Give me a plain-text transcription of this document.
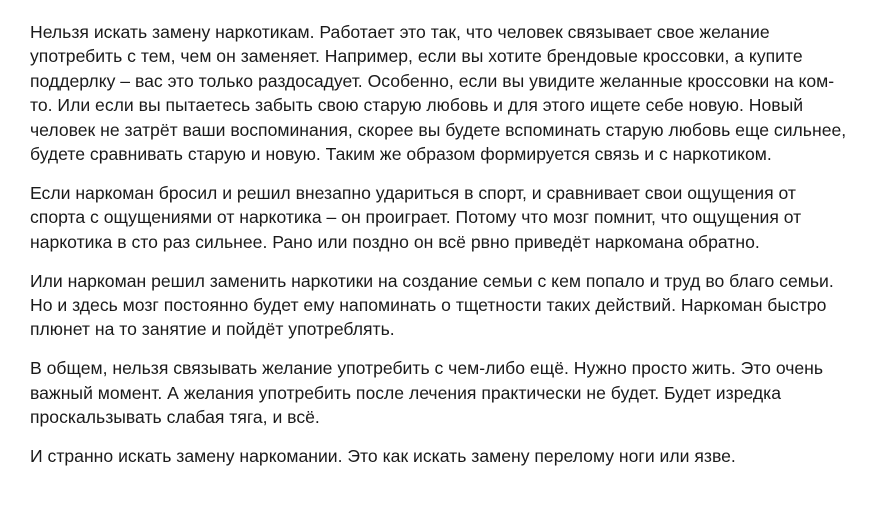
Нельзя искать замену наркотикам. Работает это так, что человек связывает свое желание
употребить с тем, чем он заменяет. Например, если вы хотите брендовые кроссовки, а купите
поддерлку – вас это только раздосадует. Особенно, если вы увидите желанные кроссовки на ком-
то. Или если вы пытаетесь забыть свою старую любовь и для этого ищете себе новую. Новый
человек не затрёт ваши воспоминания, скорее вы будете вспоминать старую любовь еще сильнее,
будете сравнивать старую и новую. Таким же образом формируется связь и с наркотиком.

Если наркоман бросил и решил внезапно удариться в спорт, и сравнивает свои ощущения от
спорта с ощущениями от наркотика – он проиграет. Потому что мозг помнит, что ощущения от
наркотика в сто раз сильнее. Рано или поздно он всё рвно приведёт наркомана обратно.

Или наркоман решил заменить наркотики на создание семьи с кем попало и труд во благо семьи.
Но и здесь мозг постоянно будет ему напоминать о тщетности таких действий. Наркоман быстро
плюнет на то занятие и пойдёт употреблять.

В общем, нельзя связывать желание употребить с чем-либо ещё. Нужно просто жить. Это очень
важный момент. А желания употребить после лечения практически не будет. Будет изредка
проскальзывать слабая тяга, и всё.

И странно искать замену наркомании. Это как искать замену перелому ноги или язве.
